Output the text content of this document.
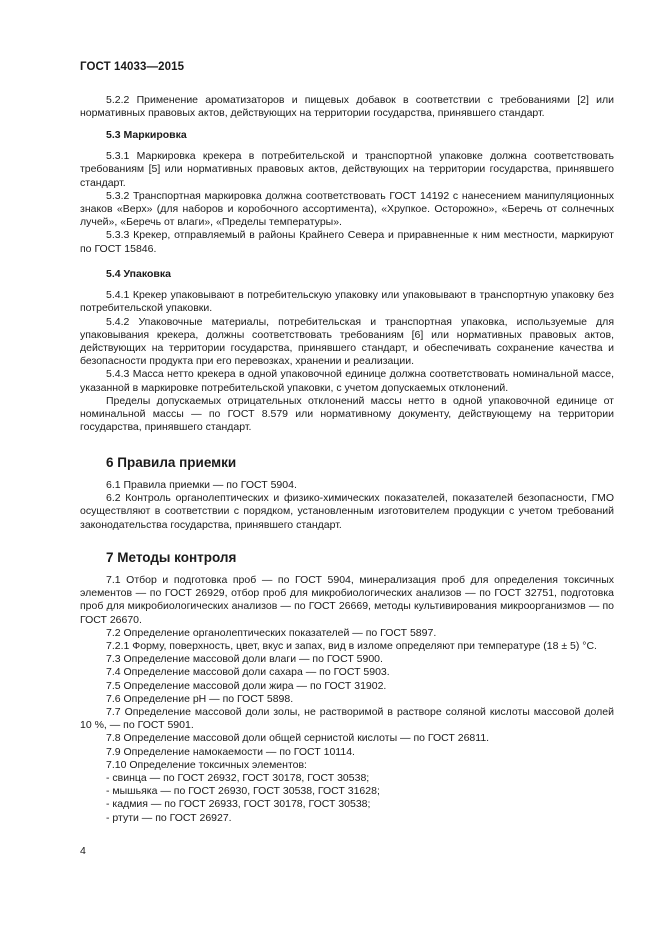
ГОСТ 14033—2015

5.2.2 Применение ароматизаторов и пищевых добавок в соответствии с требованиями [2] или нормативных правовых актов, действующих на территории государства, принявшего стандарт.

5.3 Маркировка

5.3.1 Маркировка крекера в потребительской и транспортной упаковке должна соответствовать требованиям [5] или нормативных правовых актов, действующих на территории государства, принявшего стандарт.

5.3.2 Транспортная маркировка должна соответствовать ГОСТ 14192 с нанесением манипуляционных знаков «Верх» (для наборов и коробочного ассортимента), «Хрупкое. Осторожно», «Беречь от солнечных лучей», «Беречь от влаги», «Пределы температуры».

5.3.3 Крекер, отправляемый в районы Крайнего Севера и приравненные к ним местности, маркируют по ГОСТ 15846.

5.4 Упаковка

5.4.1 Крекер упаковывают в потребительскую упаковку или упаковывают в транспортную упаковку без потребительской упаковки.

5.4.2 Упаковочные материалы, потребительская и транспортная упаковка, используемые для упаковывания крекера, должны соответствовать требованиям [6] или нормативных правовых актов, действующих на территории государства, принявшего стандарт, и обеспечивать сохранение качества и безопасности продукта при его перевозках, хранении и реализации.

5.4.3 Масса нетто крекера в одной упаковочной единице должна соответствовать номинальной массе, указанной в маркировке потребительской упаковки, с учетом допускаемых отклонений.

Пределы допускаемых отрицательных отклонений массы нетто в одной упаковочной единице от номинальной массы — по ГОСТ 8.579 или нормативному документу, действующему на территории государства, принявшего стандарт.

6 Правила приемки

6.1 Правила приемки — по ГОСТ 5904.

6.2 Контроль органолептических и физико-химических показателей, показателей безопасности, ГМО осуществляют в соответствии с порядком, установленным изготовителем продукции с учетом требований законодательства государства, принявшего стандарт.

7 Методы контроля

7.1 Отбор и подготовка проб — по ГОСТ 5904, минерализация проб для определения токсичных элементов — по ГОСТ 26929, отбор проб для микробиологических анализов — по ГОСТ 32751, подготовка проб для микробиологических анализов — по ГОСТ 26669, методы культивирования микроорганизмов — по ГОСТ 26670.

7.2 Определение органолептических показателей — по ГОСТ 5897.

7.2.1 Форму, поверхность, цвет, вкус и запах, вид в изломе определяют при температуре (18 ± 5) °С.

7.3 Определение массовой доли влаги — по ГОСТ 5900.

7.4 Определение массовой доли сахара — по ГОСТ 5903.

7.5 Определение массовой доли жира — по ГОСТ 31902.

7.6 Определение pH — по ГОСТ 5898.

7.7 Определение массовой доли золы, не растворимой в растворе соляной кислоты массовой долей 10 %, — по ГОСТ 5901.

7.8 Определение массовой доли общей сернистой кислоты — по ГОСТ 26811.

7.9 Определение намокаемости — по ГОСТ 10114.

7.10 Определение токсичных элементов:

- свинца — по ГОСТ 26932, ГОСТ 30178, ГОСТ 30538;

- мышьяка — по ГОСТ 26930, ГОСТ 30538, ГОСТ 31628;

- кадмия — по ГОСТ 26933, ГОСТ 30178, ГОСТ 30538;

- ртути — по ГОСТ 26927.

4
